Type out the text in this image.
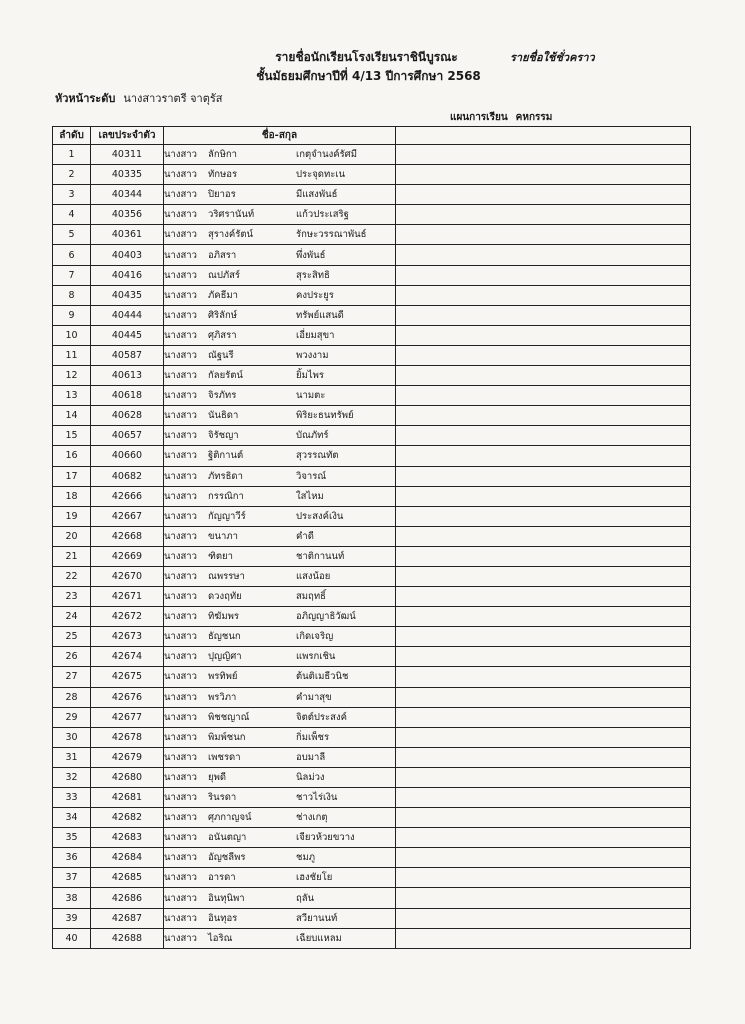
รายชื่อนักเรียนโรงเรียนราชินีบูรณะ	รายชื่อใช้ชั่วคราว
ชั้นมัธยมศึกษาปีที่ 4/13 ปีการศึกษา 2568
หัวหน้าระดับ นางสาวราตรี จาตุรัส
แผนการเรียน คหกรรม
ลำดับ	เลขประจำตัว	ชื่อ-สกุล	
1	40311	นางสาว ลักษิกา เกตุจำนงค์รัศมี	
2	40335	นางสาว ทักษอร ประจุดทะเน	
3	40344	นางสาว ปิยาอร มีแสงพันธ์	
4	40356	นางสาว วริศรานันท์ แก้วประเสริฐ	
5	40361	นางสาว สุรางค์รัตน์ รักษะวรรณาพันธ์	
6	40403	นางสาว อภิสรา พึ่งพันธ์	
7	40416	นางสาว ณปภัสร์ สุระสิทธิ	
8	40435	นางสาว ภัคธีมา คงประยูร	
9	40444	นางสาว ศิริลักษ์ ทรัพย์แสนดี	
10	40445	นางสาว ศุภิสรา เอี่ยมสุขา	
11	40587	นางสาว ณัฐนรี พวงงาม	
12	40613	นางสาว กัลยรัตน์ ยิ้มไพร	
13	40618	นางสาว จิรภัทร นามตะ	
14	40628	นางสาว นันธิดา พิริยะธนทรัพย์	
15	40657	นางสาว จิรัชญา บัณภัทร์	
16	40660	นางสาว ฐิติกานต์ สุวรรณทัต	
17	40682	นางสาว ภัทรธิดา วิจารณ์	
18	42666	นางสาว กรรณิกา ใสไหม	
19	42667	นางสาว กัญญาวีร์ ประสงค์เงิน	
20	42668	นางสาว ขนาภา คำดี	
21	42669	นางสาว ฑิตยา ชาติกานนท์	
22	42670	นางสาว ณพรรษา แสงน้อย	
23	42671	นางสาว ดวงฤทัย สมฤทธิ์	
24	42672	นางสาว ทิฆัมพร อภิญญาธิวัฒน์	
25	42673	นางสาว ธัญชนก เกิดเจริญ	
26	42674	นางสาว ปุญญิศา แพรกเชิน	
27	42675	นางสาว พรทิพย์ ต้นติเมธีวนิช	
28	42676	นางสาว พรวิภา คำมาสุข	
29	42677	นางสาว พิชชญาณ์ จิตต์ประสงค์	
30	42678	นางสาว พิมพ์ชนก กิ่มเพ็ชร	
31	42679	นางสาว เพชรดา อบมาลี	
32	42680	นางสาว ยุพดี นิลม่วง	
33	42681	นางสาว รินรดา ชาวไร่เงิน	
34	42682	นางสาว ศุภกาญจน์ ช่างเกตุ	
35	42683	นางสาว อนันตญา เจียวห้วยขวาง	
36	42684	นางสาว อัญชลีพร ชมภู	
37	42685	นางสาว อารดา เฮงชัยโย	
38	42686	นางสาว อินทุนิพา ฤลัน	
39	42687	นางสาว อินทุอร สวียานนท์	
40	42688	นางสาว ไอริณ เฉียบแหลม	
